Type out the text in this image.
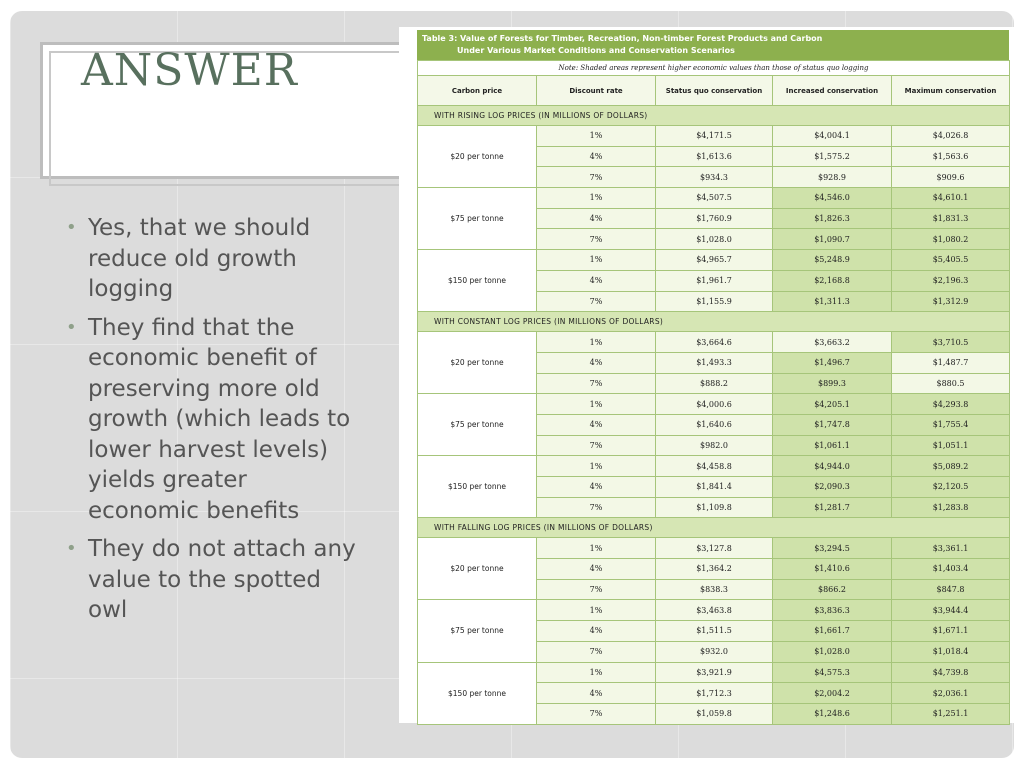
ANSWER
• Yes, that we should reduce old growth logging
• They find that the economic benefit of preserving more old growth (which leads to lower harvest levels) yields greater economic benefits
• They do not attach any value to the spotted owl
Table 3: Value of Forests for Timber, Recreation, Non-timber Forest Products and Carbon
Under Various Market Conditions and Conservation Scenarios
Note: Shaded areas represent higher economic values than those of status quo logging				
Carbon price	Discount rate	Status quo conservation	Increased conservation	Maximum conservation
WITH RISING LOG PRICES (IN MILLIONS OF DOLLARS)				
$20 per tonne	1%	$4,171.5	$4,004.1	$4,026.8
	4%	$1,613.6	$1,575.2	$1,563.6
	7%	$934.3	$928.9	$909.6
$75 per tonne	1%	$4,507.5	$4,546.0	$4,610.1
	4%	$1,760.9	$1,826.3	$1,831.3
	7%	$1,028.0	$1,090.7	$1,080.2
$150 per tonne	1%	$4,965.7	$5,248.9	$5,405.5
	4%	$1,961.7	$2,168.8	$2,196.3
	7%	$1,155.9	$1,311.3	$1,312.9
WITH CONSTANT LOG PRICES (IN MILLIONS OF DOLLARS)				
$20 per tonne	1%	$3,664.6	$3,663.2	$3,710.5
	4%	$1,493.3	$1,496.7	$1,487.7
	7%	$888.2	$899.3	$880.5
$75 per tonne	1%	$4,000.6	$4,205.1	$4,293.8
	4%	$1,640.6	$1,747.8	$1,755.4
	7%	$982.0	$1,061.1	$1,051.1
$150 per tonne	1%	$4,458.8	$4,944.0	$5,089.2
	4%	$1,841.4	$2,090.3	$2,120.5
	7%	$1,109.8	$1,281.7	$1,283.8
WITH FALLING LOG PRICES (IN MILLIONS OF DOLLARS)				
$20 per tonne	1%	$3,127.8	$3,294.5	$3,361.1
	4%	$1,364.2	$1,410.6	$1,403.4
	7%	$838.3	$866.2	$847.8
$75 per tonne	1%	$3,463.8	$3,836.3	$3,944.4
	4%	$1,511.5	$1,661.7	$1,671.1
	7%	$932.0	$1,028.0	$1,018.4
$150 per tonne	1%	$3,921.9	$4,575.3	$4,739.8
	4%	$1,712.3	$2,004.2	$2,036.1
	7%	$1,059.8	$1,248.6	$1,251.1
